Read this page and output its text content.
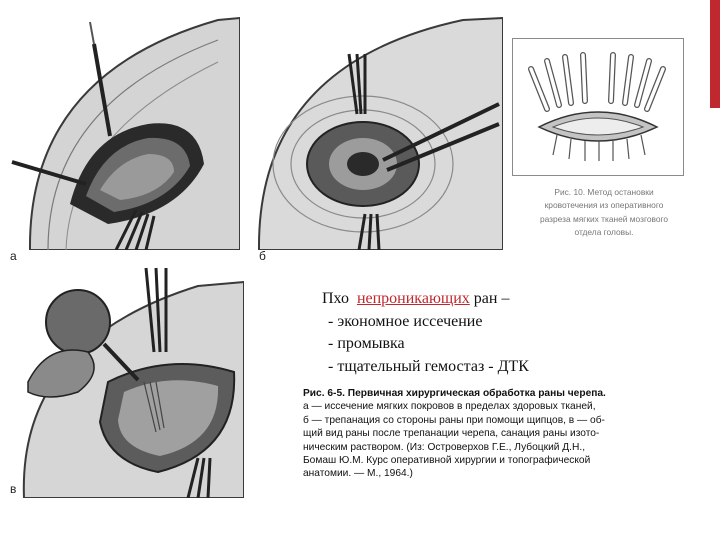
а	б
в
Рис. 10. Метод остановки
кровотечения из оперативного
разреза мягких тканей мозгового
отдела головы.
Пхо непроникающих ран –
- экономное иссечение
- промывка
- тщательный гемостаз - ДТК
Рис. 6-5. Первичная хирургическая обработка раны черепа.
а — иссечение мягких покровов в пределах здоровых тканей,
б — трепанация со стороны раны при помощи щипцов, в — об-
щий вид раны после трепанации черепа, санация раны изото-
ническим раствором. (Из: Островерхов Г.Е., Лубоцкий Д.Н.,
Бомаш Ю.М. Курс оперативной хирургии и топографической
анатомии. — М., 1964.)
